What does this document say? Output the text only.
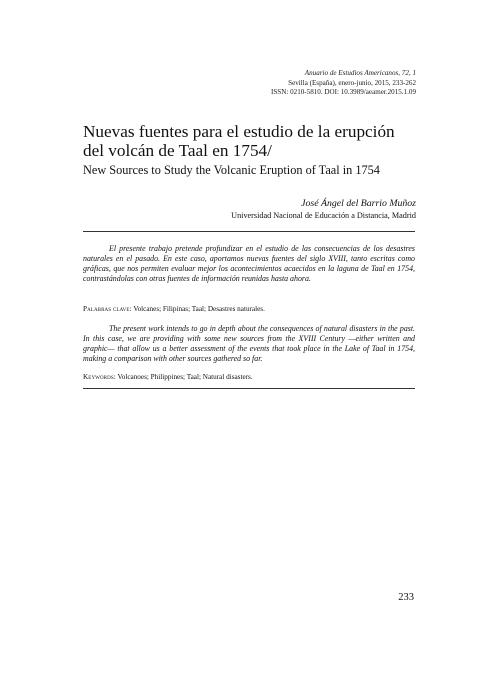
Anuario de Estudios Americanos, 72, 1
Sevilla (España), enero-junio, 2015, 233-262
ISSN: 0210-5810. DOI: 10.3989/aeamer.2015.1.09
Nuevas fuentes para el estudio de la erupción
del volcán de Taal en 1754/
New Sources to Study the Volcanic Eruption of Taal in 1754
José Ángel del Barrio Muñoz
Universidad Nacional de Educación a Distancia, Madrid

El presente trabajo pretende profundizar en el estudio de las consecuencias de los desastres naturales en el pasado. En este caso, aportamos nuevas fuentes del siglo XVIII, tanto escritas como gráficas, que nos permiten evaluar mejor los acontecimientos acaecidos en la laguna de Taal en 1754, contrastándolas con otras fuentes de información reunidas hasta ahora.

Palabras clave: Volcanes; Filipinas; Taal; Desastres naturales.

The present work intends to go in depth about the consequences of natural disasters in the past. In this case, we are providing with some new sources from the XVIII Century —either written and graphic— that allow us a better assessment of the events that took place in the Lake of Taal in 1754, making a comparison with other sources gathered so far.

Keywords: Volcanoes; Philippines; Taal; Natural disasters.

233
